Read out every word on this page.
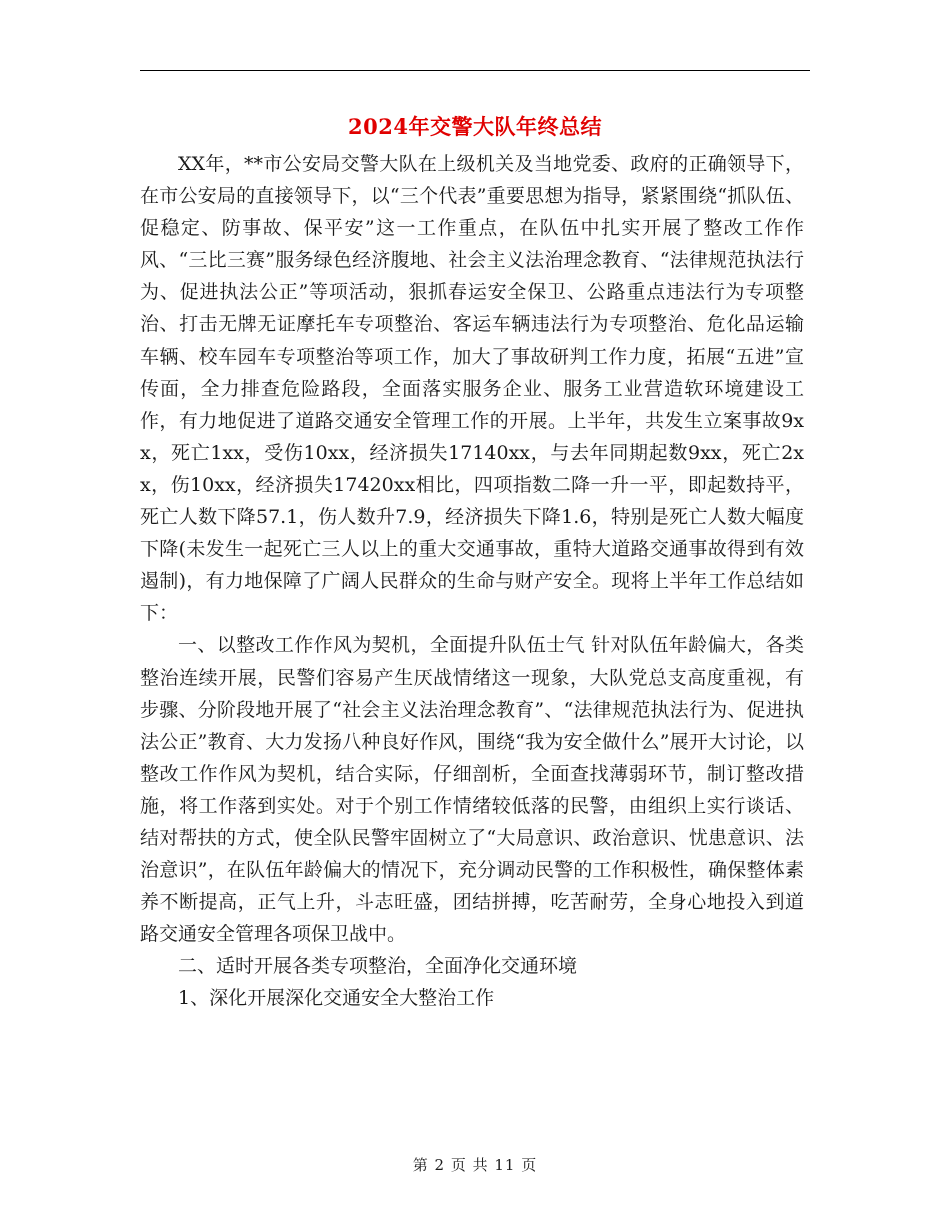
2024年交警大队年终总结

XX年，**市公安局交警大队在上级机关及当地党委、政府的正确领导下，在市公安局的直接领导下，以“三个代表”重要思想为指导，紧紧围绕“抓队伍、促稳定、防事故、保平安”这一工作重点，在队伍中扎实开展了整改工作作风、“三比三赛”服务绿色经济腹地、社会主义法治理念教育、“法律规范执法行为、促进执法公正”等项活动，狠抓春运安全保卫、公路重点违法行为专项整治、打击无牌无证摩托车专项整治、客运车辆违法行为专项整治、危化品运输车辆、校车园车专项整治等项工作，加大了事故研判工作力度，拓展“五进”宣传面，全力排查危险路段，全面落实服务企业、服务工业营造软环境建设工作，有力地促进了道路交通安全管理工作的开展。上半年，共发生立案事故9xx，死亡1xx，受伤10xx，经济损失17140xx，与去年同期起数9xx，死亡2xx，伤10xx，经济损失17420xx相比，四项指数二降一升一平，即起数持平，死亡人数下降57.1，伤人数升7.9，经济损失下降1.6，特别是死亡人数大幅度下降(未发生一起死亡三人以上的重大交通事故，重特大道路交通事故得到有效遏制)，有力地保障了广阔人民群众的生命与财产安全。现将上半年工作总结如下：

一、以整改工作作风为契机，全面提升队伍士气 针对队伍年龄偏大，各类整治连续开展，民警们容易产生厌战情绪这一现象，大队党总支高度重视，有步骤、分阶段地开展了“社会主义法治理念教育”、“法律规范执法行为、促进执法公正”教育、大力发扬八种良好作风，围绕“我为安全做什么”展开大讨论，以整改工作作风为契机，结合实际，仔细剖析，全面查找薄弱环节，制订整改措施，将工作落到实处。对于个别工作情绪较低落的民警，由组织上实行谈话、结对帮扶的方式，使全队民警牢固树立了“大局意识、政治意识、忧患意识、法治意识”，在队伍年龄偏大的情况下，充分调动民警的工作积极性，确保整体素养不断提高，正气上升，斗志旺盛，团结拼搏，吃苦耐劳，全身心地投入到道路交通安全管理各项保卫战中。

二、适时开展各类专项整治，全面净化交通环境

1、深化开展深化交通安全大整治工作

第 2 页 共 11 页
